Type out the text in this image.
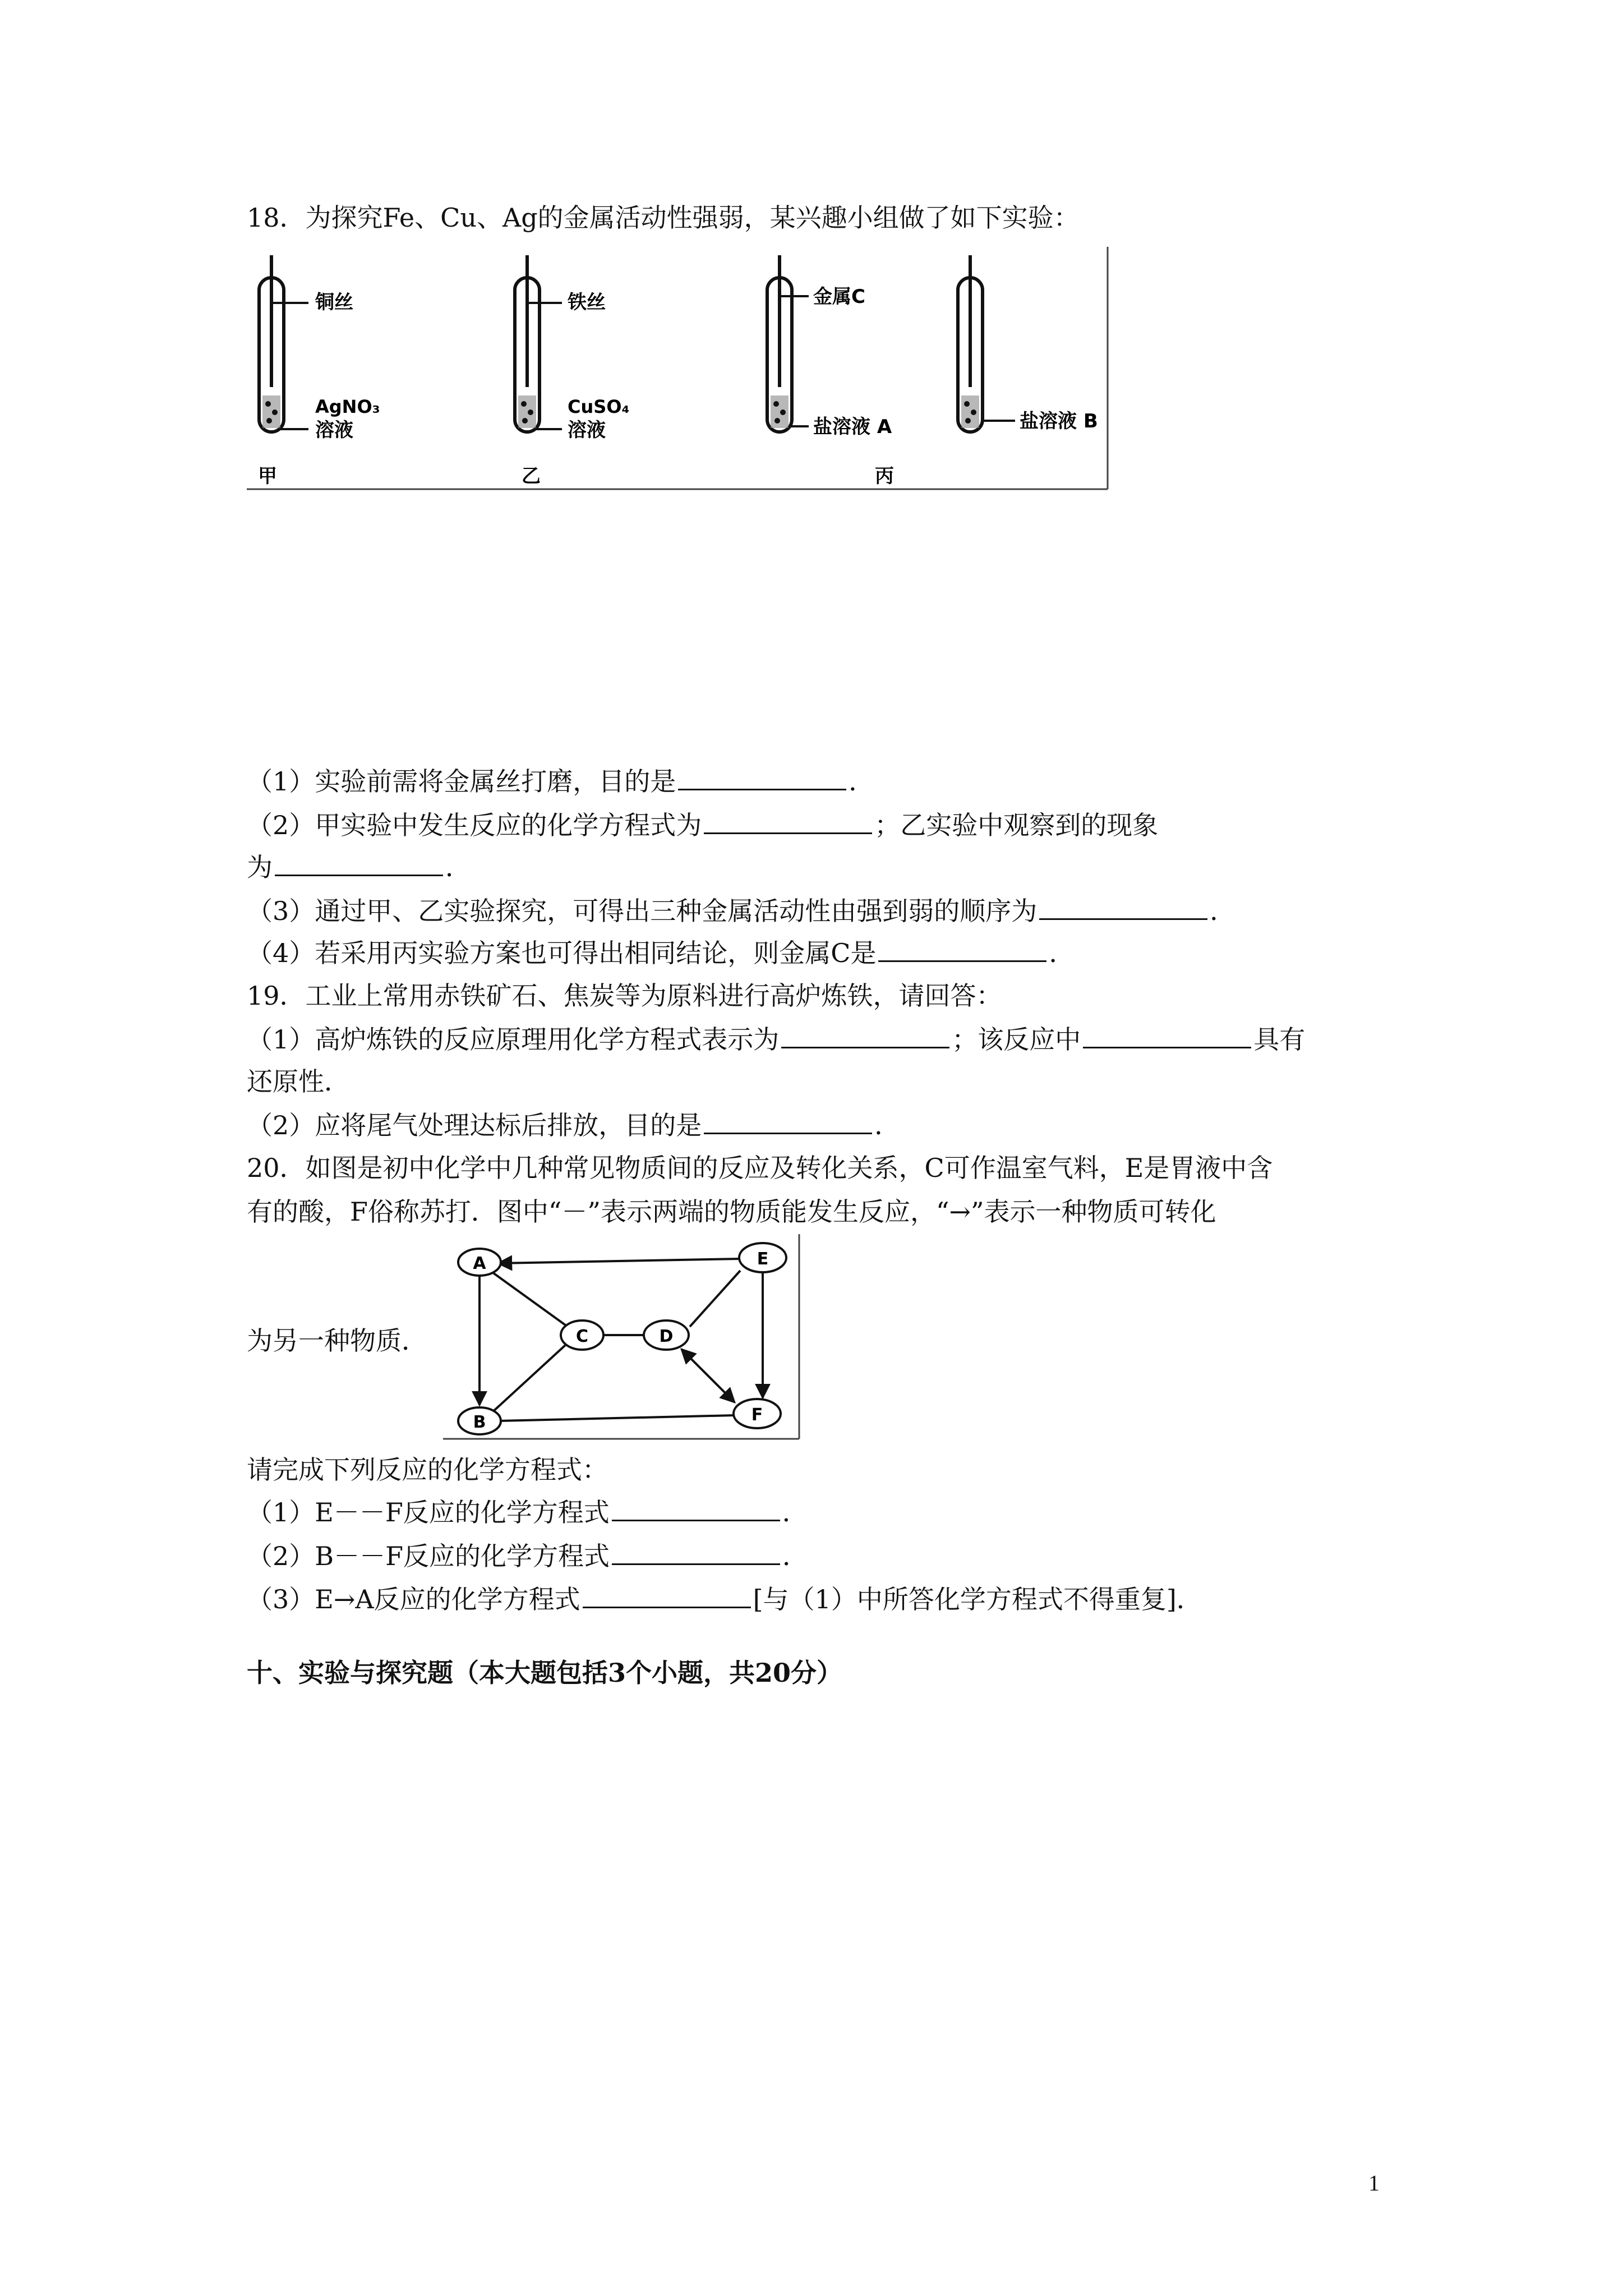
18．为探究Fe、Cu、Ag的金属活动性强弱，某兴趣小组做了如下实验：
铜丝
AgNO₃
溶液
甲
铁丝
CuSO₄
溶液
乙
金属C
盐溶液 A	盐溶液 B
丙
（1）实验前需将金属丝打磨，目的是	．
（2）甲实验中发生反应的化学方程式为	；乙实验中观察到的现象
为	．
（3）通过甲、乙实验探究，可得出三种金属活动性由强到弱的顺序为	．
（4）若采用丙实验方案也可得出相同结论，则金属C是	．
19．工业上常用赤铁矿石、焦炭等为原料进行高炉炼铁，请回答：
（1）高炉炼铁的反应原理用化学方程式表示为	；该反应中	具有
还原性．
（2）应将尾气处理达标后排放，目的是	．
20．如图是初中化学中几种常见物质间的反应及转化关系，C可作温室气料，E是胃液中含
有的酸，F俗称苏打．图中“－”表示两端的物质能发生反应，“→”表示一种物质可转化
为另一种物质．
A
B
C	D
E
F
请完成下列反应的化学方程式：
（1）E－－F反应的化学方程式	．
（2）B－－F反应的化学方程式	．
（3）E→A反应的化学方程式	[与（1）中所答化学方程式不得重复]．
十、实验与探究题（本大题包括3个小题，共20分）
1
